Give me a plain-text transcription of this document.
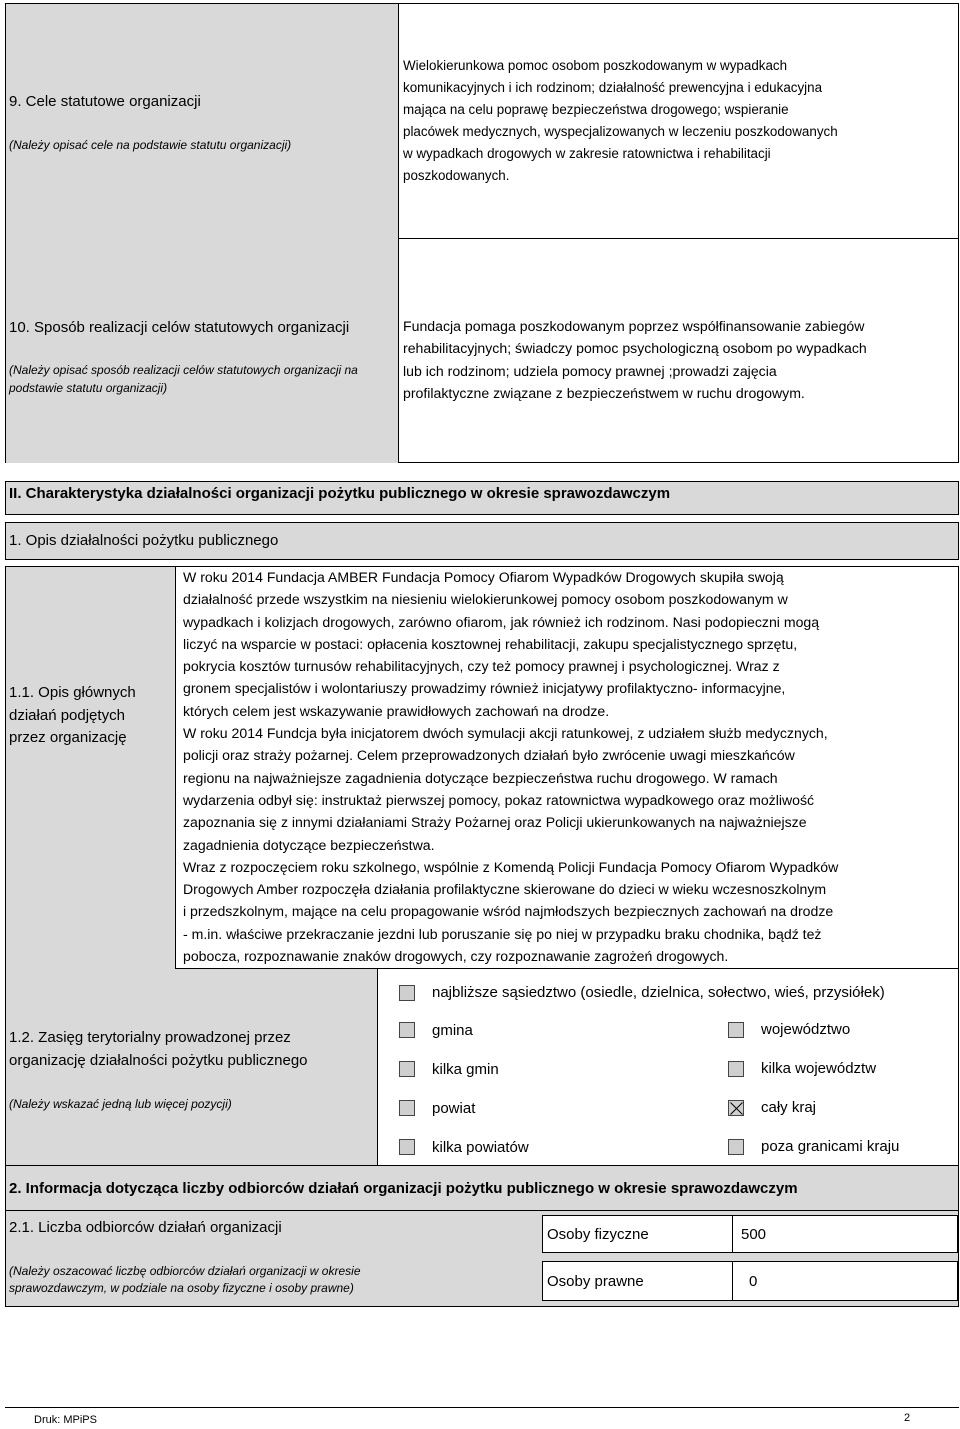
9. Cele statutowe organizacji
(Należy opisać cele na podstawie statutu organizacji)
Wielokierunkowa pomoc osobom poszkodowanym w wypadkach
komunikacyjnych i ich rodzinom; działalność prewencyjna i edukacyjna
mająca na celu poprawę bezpieczeństwa drogowego; wspieranie
placówek medycznych, wyspecjalizowanych w leczeniu poszkodowanych
w wypadkach drogowych w zakresie ratownictwa i rehabilitacji
poszkodowanych.
10. Sposób realizacji celów statutowych organizacji
(Należy opisać sposób realizacji celów statutowych organizacji na
podstawie statutu organizacji)
Fundacja pomaga poszkodowanym poprzez współfinansowanie zabiegów
rehabilitacyjnych; świadczy pomoc psychologiczną osobom po wypadkach
lub ich rodzinom; udziela pomocy prawnej ;prowadzi zajęcia
profilaktyczne związane z bezpieczeństwem w ruchu drogowym.
II. Charakterystyka działalności organizacji pożytku publicznego w okresie sprawozdawczym
1. Opis działalności pożytku publicznego
1.1. Opis głównych
działań podjętych
przez organizację
W roku 2014 Fundacja AMBER Fundacja Pomocy Ofiarom Wypadków Drogowych skupiła swoją
działalność przede wszystkim na niesieniu wielokierunkowej pomocy osobom poszkodowanym w
wypadkach i kolizjach drogowych, zarówno ofiarom, jak również ich rodzinom. Nasi podopieczni mogą
liczyć na wsparcie w postaci: opłacenia kosztownej rehabilitacji, zakupu specjalistycznego sprzętu,
pokrycia kosztów turnusów rehabilitacyjnych, czy też pomocy prawnej i psychologicznej. Wraz z
gronem specjalistów i wolontariuszy prowadzimy również inicjatywy profilaktyczno- informacyjne,
których celem jest wskazywanie prawidłowych zachowań na drodze.
W roku 2014 Fundcja była inicjatorem dwóch symulacji akcji ratunkowej, z udziałem służb medycznych,
policji oraz straży pożarnej. Celem przeprowadzonych działań było zwrócenie uwagi mieszkańców
regionu na najważniejsze zagadnienia dotyczące bezpieczeństwa ruchu drogowego. W ramach
wydarzenia odbył się: instruktaż pierwszej pomocy, pokaz ratownictwa wypadkowego oraz możliwość
zapoznania się z innymi działaniami Straży Pożarnej oraz Policji ukierunkowanych na najważniejsze
zagadnienia dotyczące bezpieczeństwa.
Wraz z rozpoczęciem roku szkolnego, wspólnie z Komendą Policji Fundacja Pomocy Ofiarom Wypadków
Drogowych Amber rozpoczęła działania profilaktyczne skierowane do dzieci w wieku wczesnoszkolnym
i przedszkolnym, mające na celu propagowanie wśród najmłodszych bezpiecznych zachowań na drodze
- m.in. właściwe przekraczanie jezdni lub poruszanie się po niej w przypadku braku chodnika, bądź też
pobocza, rozpoznawanie znaków drogowych, czy rozpoznawanie zagrożeń drogowych.
1.2. Zasięg terytorialny prowadzonej przez
organizację działalności pożytku publicznego
(Należy wskazać jedną lub więcej pozycji)
najbliższe sąsiedztwo (osiedle, dzielnica, sołectwo, wieś, przysiółek)
gmina
kilka gmin
powiat
kilka powiatów
województwo
kilka województw
cały kraj
poza granicami kraju
2. Informacja dotycząca liczby odbiorców działań organizacji pożytku publicznego w okresie sprawozdawczym
2.1. Liczba odbiorców działań organizacji
(Należy oszacować liczbę odbiorców działań organizacji w okresie
sprawozdawczym, w podziale na osoby fizyczne i osoby prawne)
Osoby fizyczne	500
Osoby prawne	0
Druk: MPiPS	2
